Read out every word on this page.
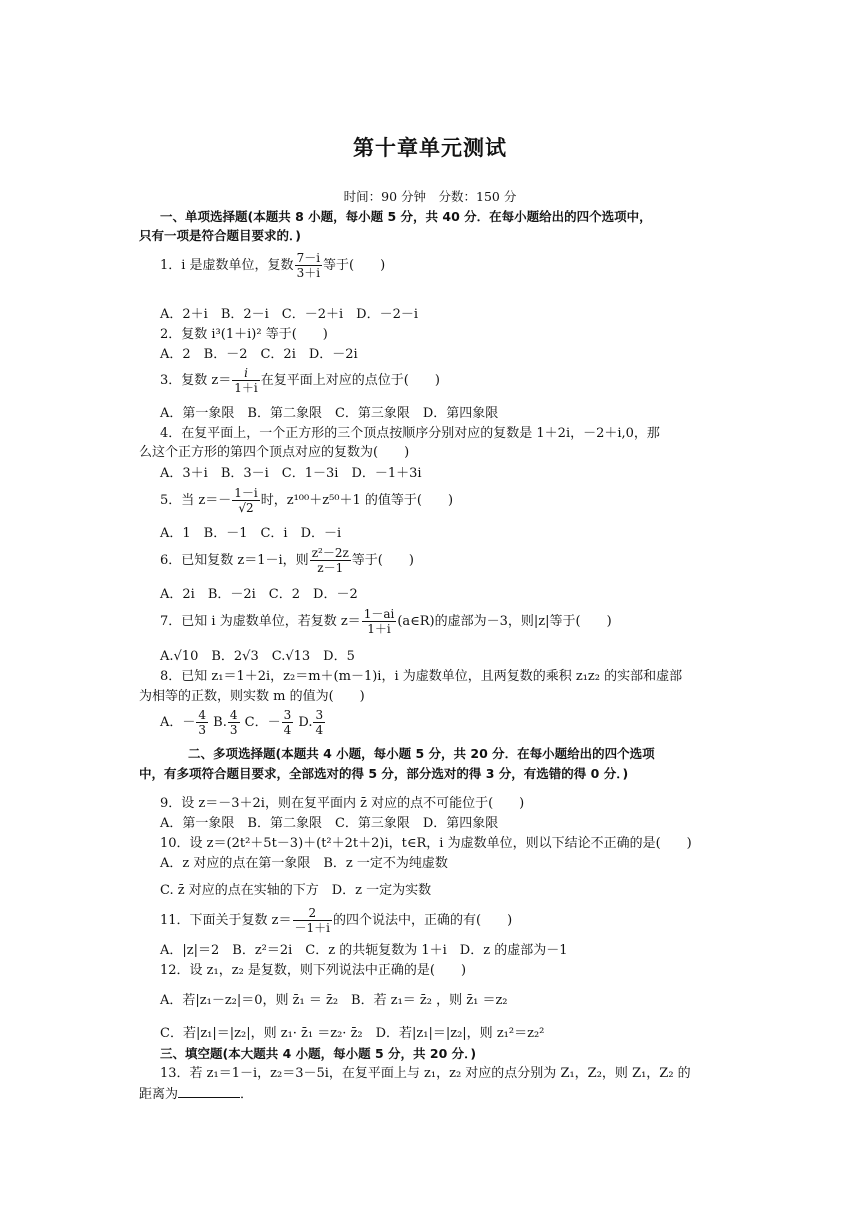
第十章单元测试
时间：90 分钟　分数：150 分
一、单项选择题(本题共 8 小题，每小题 5 分，共 40 分．在每小题给出的四个选项中，
只有一项是符合题目要求的．)
1．i 是虚数单位，复数 $\frac{7-i}{3+i}$ 等于(　　)
A．2＋i　B．2－i　C．－2＋i　D．－2－i
2．复数 i³(1＋i)² 等于(　　)
A．2　B．－2　C．2i　D．－2i
3．复数 $z= \frac{i}{1+i}$ 在复平面上对应的点位于(　　)
A．第一象限　B．第二象限　C．第三象限　D．第四象限
4．在复平面上，一个正方形的三个顶点按顺序分别对应的复数是 1＋2i，－2＋i,0，那
么这个正方形的第四个顶点对应的复数为(　　)
A．3＋i　B．3－i　C．1－3i　D．－1＋3i
5．当 $z=- \frac{1-i}{√2}$ 时，z¹⁰⁰＋z⁵⁰＋1 的值等于(　　)
A．1　B．－1　C．i　D．－i
6．已知复数 z＝1－i，则 $\frac{\text{z²－2z}}{z-1}$ 等于(　　)
A．2i　B．－2i　C．2　D．－2
7．已知 i 为虚数单位，若复数 $z= \frac{1-ai}{1+i}$ (a∈R)的虚部为－3，则|z|等于(　　)
A.√10　B．2√3　C.√13　D．5
8．已知 z₁＝1＋2i，z₂＝m＋(m－1)i，i 为虚数单位，且两复数的乘积 z₁z₂ 的实部和虚部
为相等的正数，则实数 m 的值为(　　)
A．－ $\frac{4}{3} B$. $\frac{4}{3}$ C．－ $\frac{3}{4} D$. $\frac{3}{4}$
二、多项选择题(本题共 4 小题，每小题 5 分，共 20 分．在每小题给出的四个选项
中，有多项符合题目要求，全部选对的得 5 分，部分选对的得 3 分，有选错的得 0 分．)
9．设 z＝－3＋2i，则在复平面内 z̄ 对应的点不可能位于(　　)
A．第一象限　B．第二象限　C．第三象限　D．第四象限
10．设 z＝(2t²＋5t－3)＋(t²＋2t＋2)i，t∈R，i 为虚数单位，则以下结论不正确的是(　　)
A．z 对应的点在第一象限　B．z 一定不为纯虚数
C. z̄ 对应的点在实轴的下方　D．z 一定为实数
11．下面关于复数 $z= \frac{2}{-1+i}$ 的四个说法中，正确的有(　　)
A．|z|＝2　B．z²＝2i　C．z 的共轭复数为 1＋i　D．z 的虚部为－1
12．设 z₁，z₂ 是复数，则下列说法中正确的是(　　)
A．若|z₁－z₂|＝0，则 z̄₁ ＝ z̄₂　B．若 z₁＝ z̄₂ ，则 z̄₁ ＝z₂
C．若|z₁|＝|z₂|，则 z₁· z̄₁ ＝z₂· z̄₂　D．若|z₁|＝|z₂|，则 z₁²＝z₂²
三、填空题(本大题共 4 小题，每小题 5 分，共 20 分．)
13．若 z₁＝1－i，z₂＝3－5i，在复平面上与 z₁，z₂ 对应的点分别为 Z₁，Z₂，则 Z₁，Z₂ 的
距离为	．
